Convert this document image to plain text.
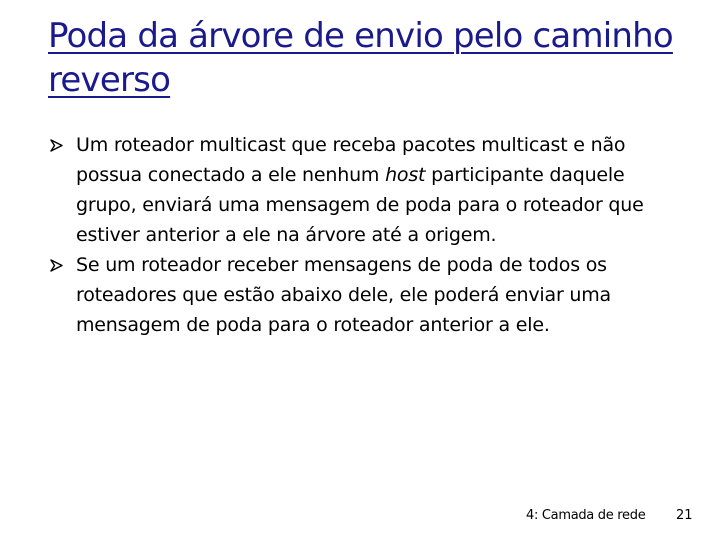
Poda da árvore de envio pelo caminho reverso
Um roteador multicast que receba pacotes multicast e não possua conectado a ele nenhum host participante daquele grupo, enviará uma mensagem de poda para o roteador que estiver anterior a ele na árvore até a origem.
Se um roteador receber mensagens de poda de todos os roteadores que estão abaixo dele, ele poderá enviar uma mensagem de poda para o roteador anterior a ele.
4: Camada de rede 21
